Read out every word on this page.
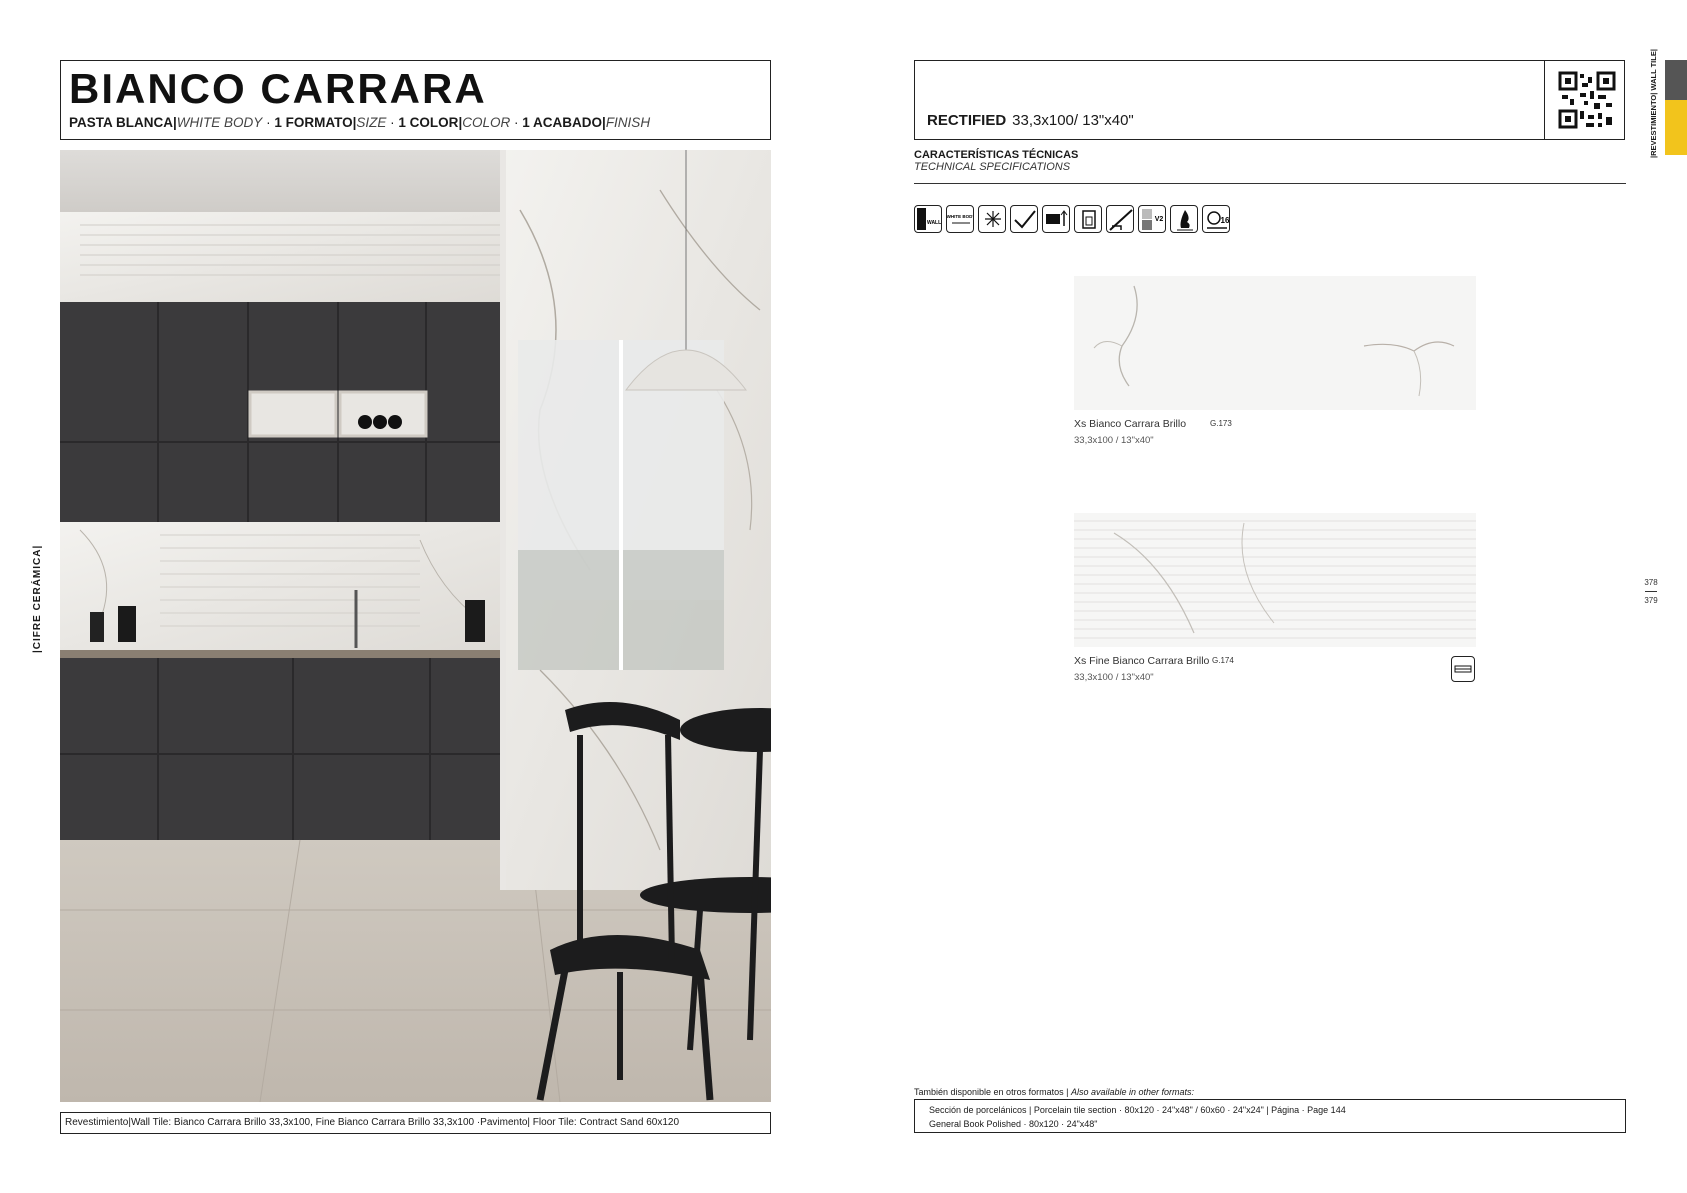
BIANCO CARRARA
PASTA BLANCA|WHITE BODY · 1 FORMATO|SIZE · 1 COLOR|COLOR · 1 ACABADO|FINISH
|CIFRE CERÁMICA|
Revestimiento|Wall Tile: Bianco Carrara Brillo 33,3x100, Fine Bianco Carrara Brillo 33,3x100 ·Pavimento| Floor Tile: Contract Sand 60x120
RECTIFIED 33,3x100/ 13"x40"
CARACTERÍSTICAS TÉCNICAS
TECHNICAL SPECIFICATIONS
WALL
WHITE BODY	V2	16
Xs Bianco Carrara Brillo	G.173
33,3x100 / 13"x40"
Xs Fine Bianco Carrara Brillo G.174
33,3x100 / 13"x40"
378
379
|REVESTIMIENTO| WALL TILE|
También disponible en otros formatos | Also available in other formats:
Sección de porcelánicos | Porcelain tile section · 80x120 · 24"x48" / 60x60 · 24"x24" | Página · Page 144
General Book Polished · 80x120 · 24"x48"
